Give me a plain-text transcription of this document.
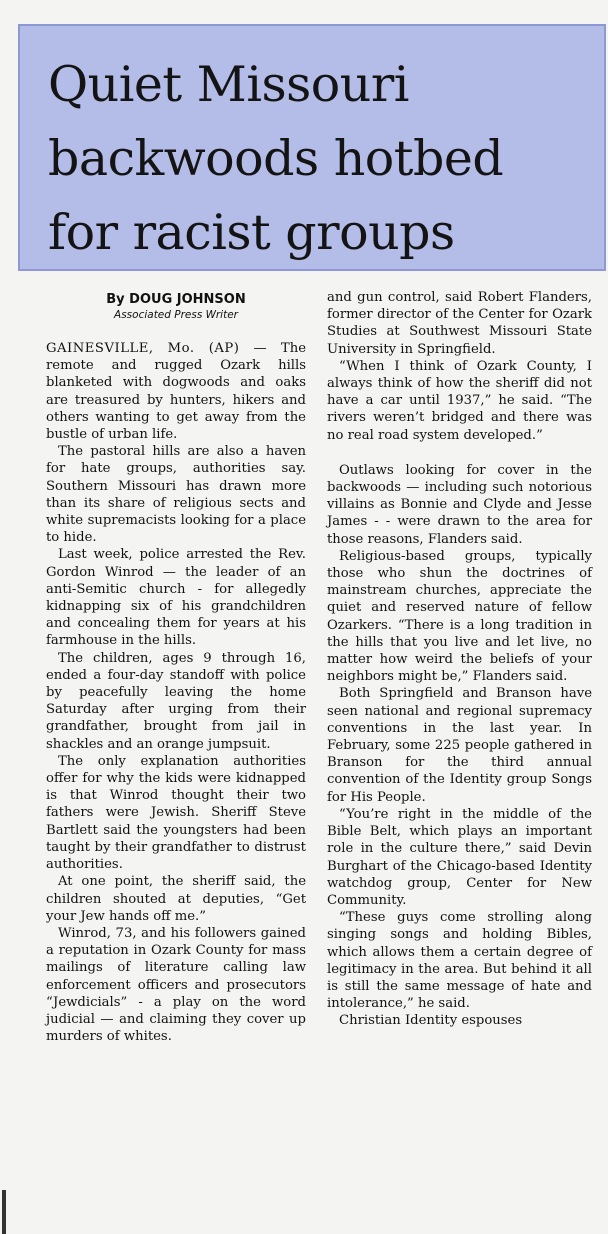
Quiet Missouri
backwoods hotbed
for racist groups
By DOUG JOHNSON
Associated Press Writer

GAINESVILLE, Mo. (AP) — The remote and rugged Ozark hills blanketed with dogwoods and oaks are treasured by hunters, hikers and others wanting to get away from the bustle of urban life.

The pastoral hills are also a haven for hate groups, authorities say. Southern Missouri has drawn more than its share of religious sects and white supremacists looking for a place to hide.

Last week, police arrested the Rev. Gordon Winrod — the leader of an anti-Semitic church - for allegedly kidnapping six of his grandchildren and concealing them for years at his farmhouse in the hills.

The children, ages 9 through 16, ended a four-day standoff with police by peacefully leaving the home Saturday after urging from their grandfather, brought from jail in shackles and an orange jumpsuit.

The only explanation authorities offer for why the kids were kidnapped is that Winrod thought their two fathers were Jewish. Sheriff Steve Bartlett said the youngsters had been taught by their grandfather to distrust authorities.

At one point, the sheriff said, the children shouted at deputies, “Get your Jew hands off me.”

Winrod, 73, and his followers gained a reputation in Ozark County for mass mailings of literature calling law enforcement officers and prosecutors “Jewdicials” - a play on the word judicial — and claiming they cover up murders of whites.

and gun control, said Robert Flanders, former director of the Center for Ozark Studies at Southwest Missouri State University in Springfield.

“When I think of Ozark County, I always think of how the sheriff did not have a car until 1937,” he said. “The rivers weren’t bridged and there was no real road system developed.”

Outlaws looking for cover in the backwoods — including such notorious villains as Bonnie and Clyde and Jesse James - - were drawn to the area for those reasons, Flanders said.

Religious-based groups, typically those who shun the doctrines of mainstream churches, appreciate the quiet and reserved nature of fellow Ozarkers. “There is a long tradition in the hills that you live and let live, no matter how weird the beliefs of your neighbors might be,” Flanders said.

Both Springfield and Branson have seen national and regional supremacy conventions in the last year. In February, some 225 people gathered in Branson for the third annual convention of the Identity group Songs for His People.

“You’re right in the middle of the Bible Belt, which plays an important role in the culture there,” said Devin Burghart of the Chicago-based Identity watchdog group, Center for New Community.

“These guys come strolling along singing songs and holding Bibles, which allows them a certain degree of legitimacy in the area. But behind it all is still the same message of hate and intolerance,” he said.

Christian Identity espouses
